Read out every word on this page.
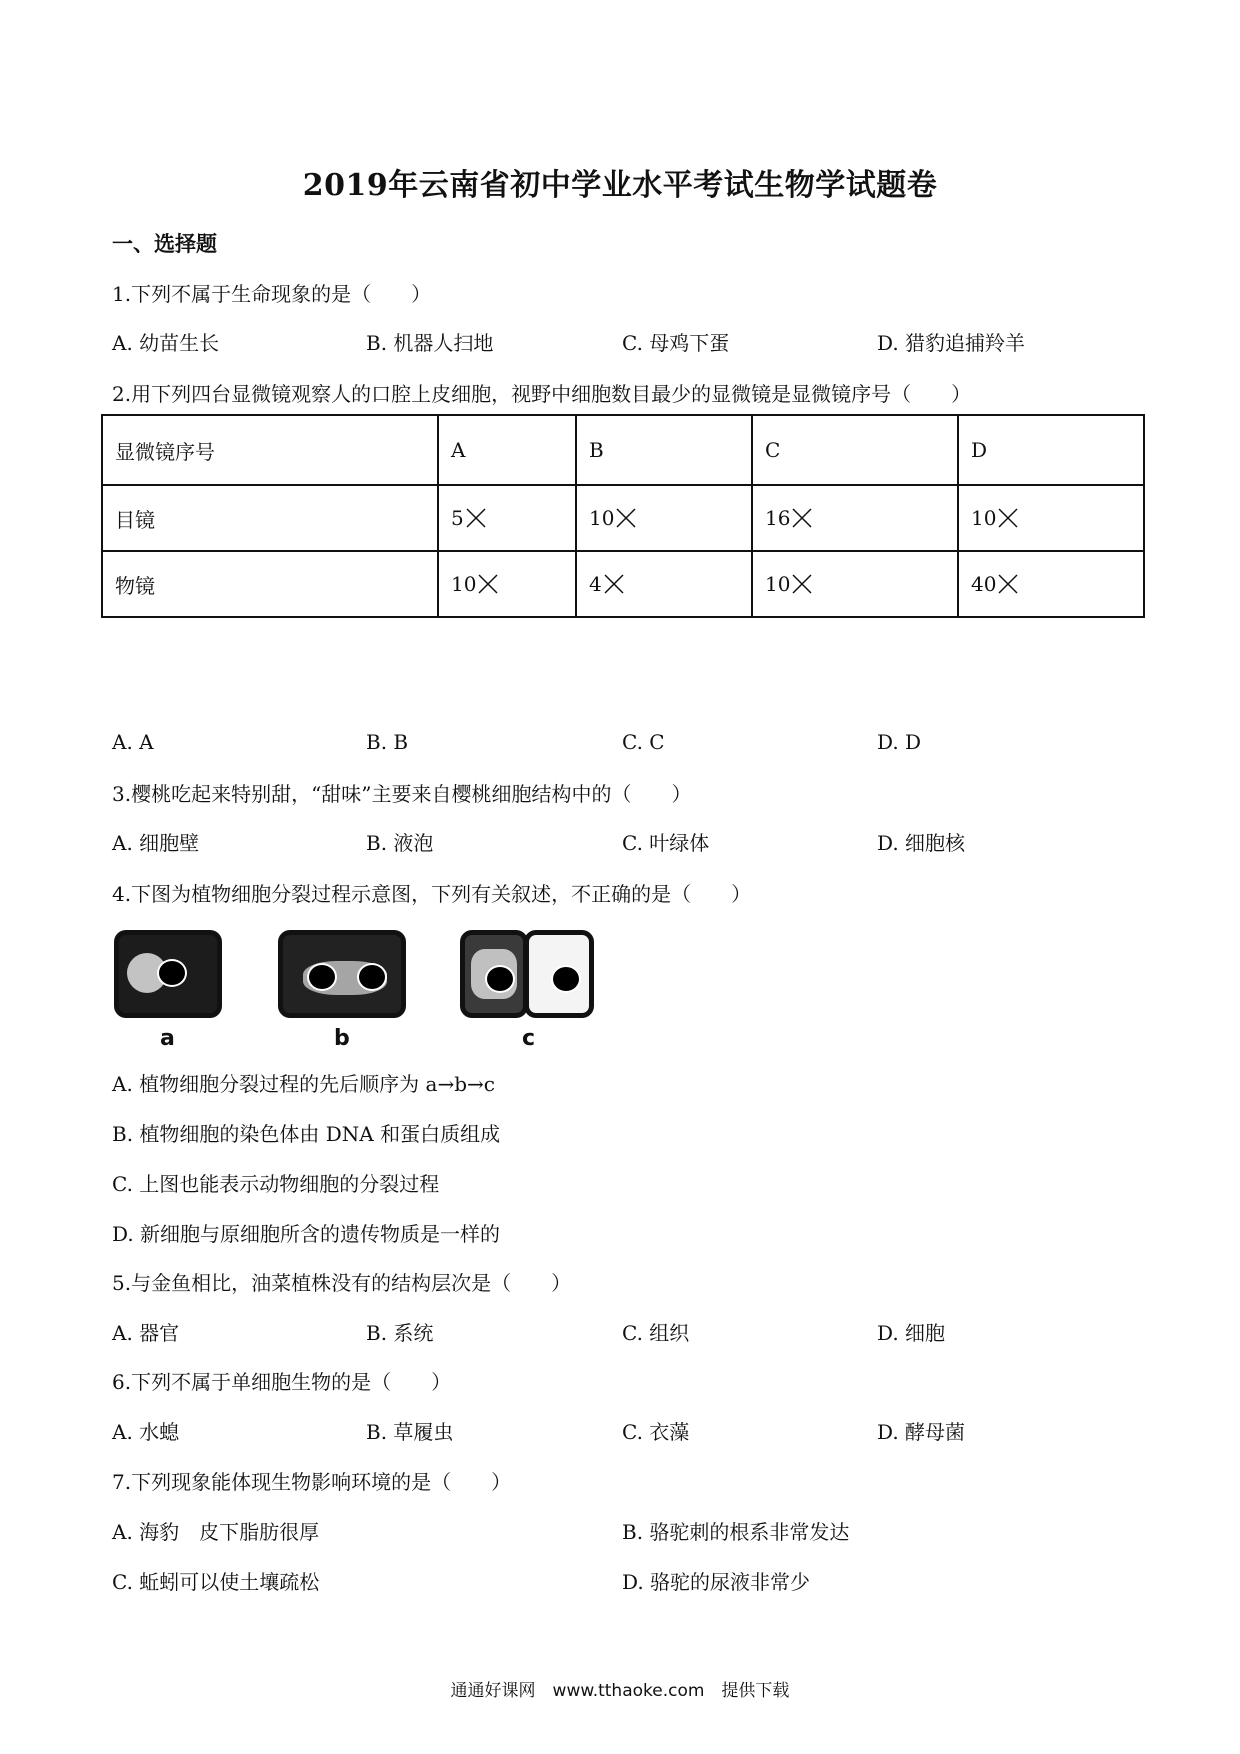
2019年云南省初中学业水平考试生物学试题卷
一、选择题
1.下列不属于生命现象的是（　　）
A. 幼苗生长	B. 机器人扫地	C. 母鸡下蛋	D. 猎豹追捕羚羊
2.用下列四台显微镜观察人的口腔上皮细胞，视野中细胞数目最少的显微镜是显微镜序号（　　）
显微镜序号	A	B	C	D
目镜	5	10	16	10
物镜	10	4	10	40
A. A	B. B	C. C	D. D
3.樱桃吃起来特别甜，“甜味”主要来自樱桃细胞结构中的（　　）
A. 细胞壁	B. 液泡	C. 叶绿体	D. 细胞核
4.下图为植物细胞分裂过程示意图，下列有关叙述，不正确的是（　　）
a	b	c
A. 植物细胞分裂过程的先后顺序为 a→b→c
B. 植物细胞的染色体由 DNA 和蛋白质组成
C. 上图也能表示动物细胞的分裂过程
D. 新细胞与原细胞所含的遗传物质是一样的
5.与金鱼相比，油菜植株没有的结构层次是（　　）
A. 器官	B. 系统	C. 组织	D. 细胞
6.下列不属于单细胞生物的是（　　）
A. 水螅	B. 草履虫	C. 衣藻	D. 酵母菌
7.下列现象能体现生物影响环境的是（　　）
A. 海豹　皮下脂肪很厚	B. 骆驼刺的根系非常发达
C. 蚯蚓可以使土壤疏松	D. 骆驼的尿液非常少
通通好课网　www.tthaoke.com　提供下载
